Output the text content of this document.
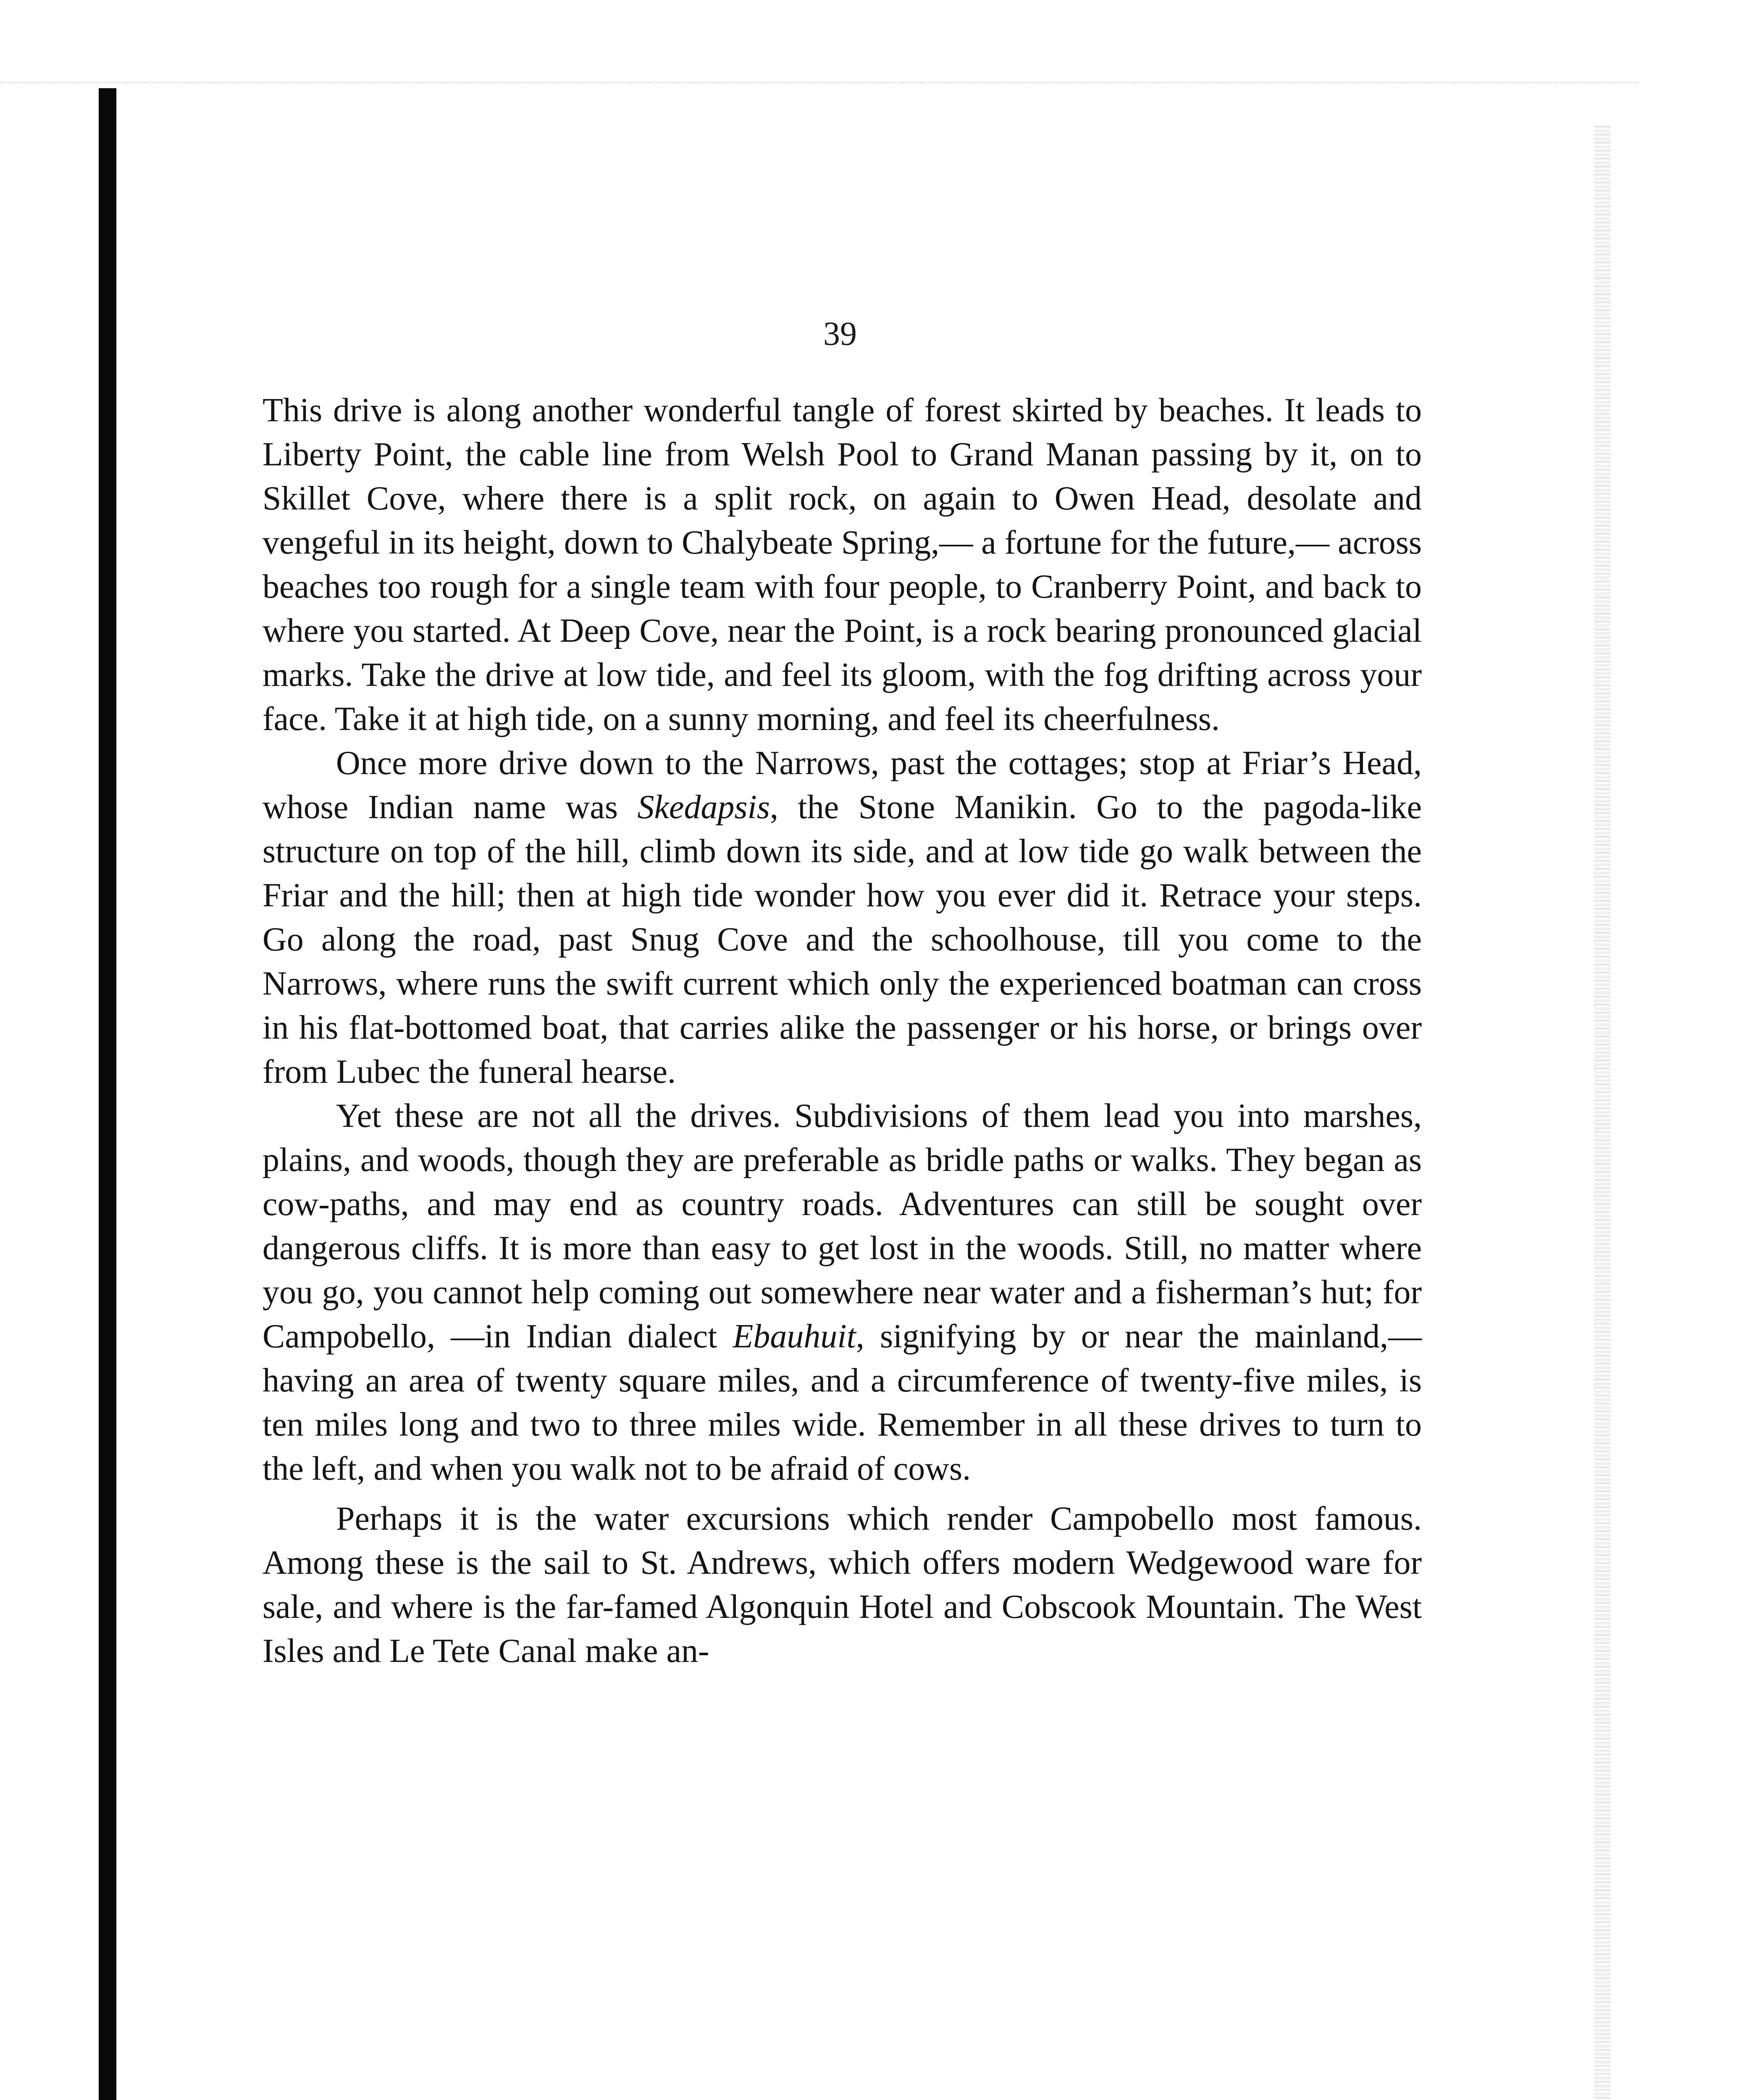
39

This drive is along another wonderful tangle of forest skirted by beaches. It leads to Liberty Point, the cable line from Welsh Pool to Grand Manan passing by it, on to Skillet Cove, where there is a split rock, on again to Owen Head, desolate and vengeful in its height, down to Chalybeate Spring,— a fortune for the future,— across beaches too rough for a single team with four people, to Cranberry Point, and back to where you started. At Deep Cove, near the Point, is a rock bearing pronounced glacial marks. Take the drive at low tide, and feel its gloom, with the fog drifting across your face. Take it at high tide, on a sunny morning, and feel its cheerfulness.

Once more drive down to the Narrows, past the cottages; stop at Friar’s Head, whose Indian name was Skedapsis, the Stone Manikin. Go to the pagoda-like structure on top of the hill, climb down its side, and at low tide go walk between the Friar and the hill; then at high tide wonder how you ever did it. Retrace your steps. Go along the road, past Snug Cove and the schoolhouse, till you come to the Narrows, where runs the swift current which only the experienced boatman can cross in his flat-bottomed boat, that carries alike the passenger or his horse, or brings over from Lubec the funeral hearse.

Yet these are not all the drives. Subdivisions of them lead you into marshes, plains, and woods, though they are preferable as bridle paths or walks. They began as cow-paths, and may end as country roads. Adventures can still be sought over dangerous cliffs. It is more than easy to get lost in the woods. Still, no matter where you go, you cannot help coming out somewhere near water and a fisherman’s hut; for Campobello, —in Indian dialect Ebauhuit, signifying by or near the mainland,—having an area of twenty square miles, and a circumference of twenty-five miles, is ten miles long and two to three miles wide. Remember in all these drives to turn to the left, and when you walk not to be afraid of cows.

Perhaps it is the water excursions which render Campobello most famous. Among these is the sail to St. Andrews, which offers modern Wedgewood ware for sale, and where is the far-famed Algonquin Hotel and Cobscook Mountain. The West Isles and Le Tete Canal make an-
